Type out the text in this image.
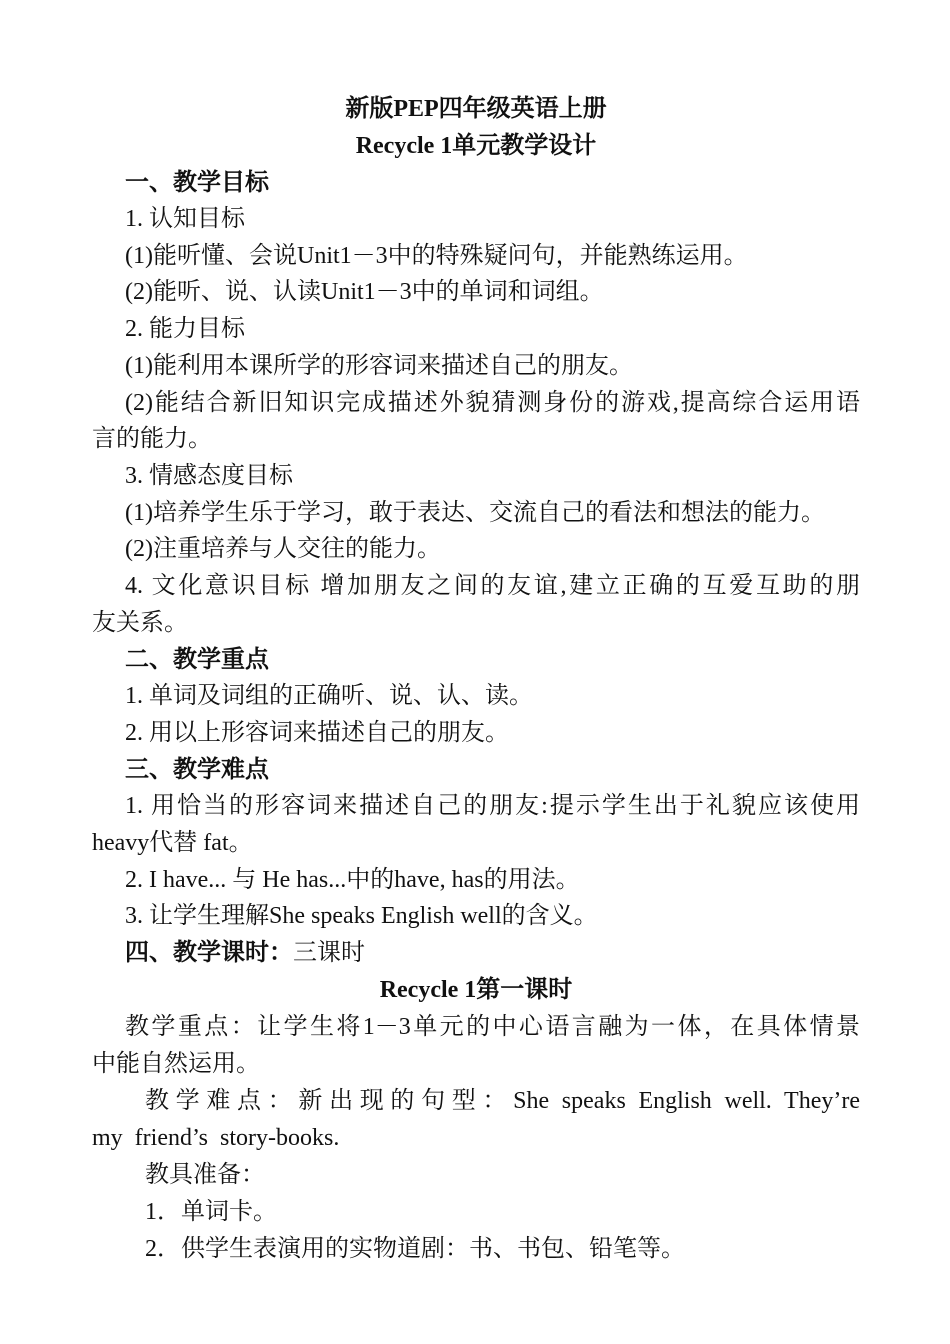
新版PEP四年级英语上册
Recycle 1单元教学设计
一、教学目标
1. 认知目标
(1)能听懂、会说Unit1－3中的特殊疑问句，并能熟练运用。
(2)能听、说、认读Unit1－3中的单词和词组。
2. 能力目标
(1)能利用本课所学的形容词来描述自己的朋友。
(2)能结合新旧知识完成描述外貌猜测身份的游戏,提高综合运用语
言的能力。
3. 情感态度目标
(1)培养学生乐于学习，敢于表达、交流自己的看法和想法的能力。
(2)注重培养与人交往的能力。
4. 文化意识目标 增加朋友之间的友谊,建立正确的互爱互助的朋
友关系。
二、教学重点
1. 单词及词组的正确听、说、认、读。
2. 用以上形容词来描述自己的朋友。
三、教学难点
1. 用恰当的形容词来描述自己的朋友:提示学生出于礼貌应该使用
heavy代替 fat。
2. I have... 与 He has...中的have, has的用法。
3. 让学生理解She speaks English well的含义。
四、教学课时：三课时
Recycle 1第一课时
教学重点：让学生将1－3单元的中心语言融为一体，在具体情景
中能自然运用。
教学难点：新出现的句型：She speaks English well. They’re
my friend’s story-books.
教具准备：
1．单词卡。
2．供学生表演用的实物道剧：书、书包、铅笔等。
